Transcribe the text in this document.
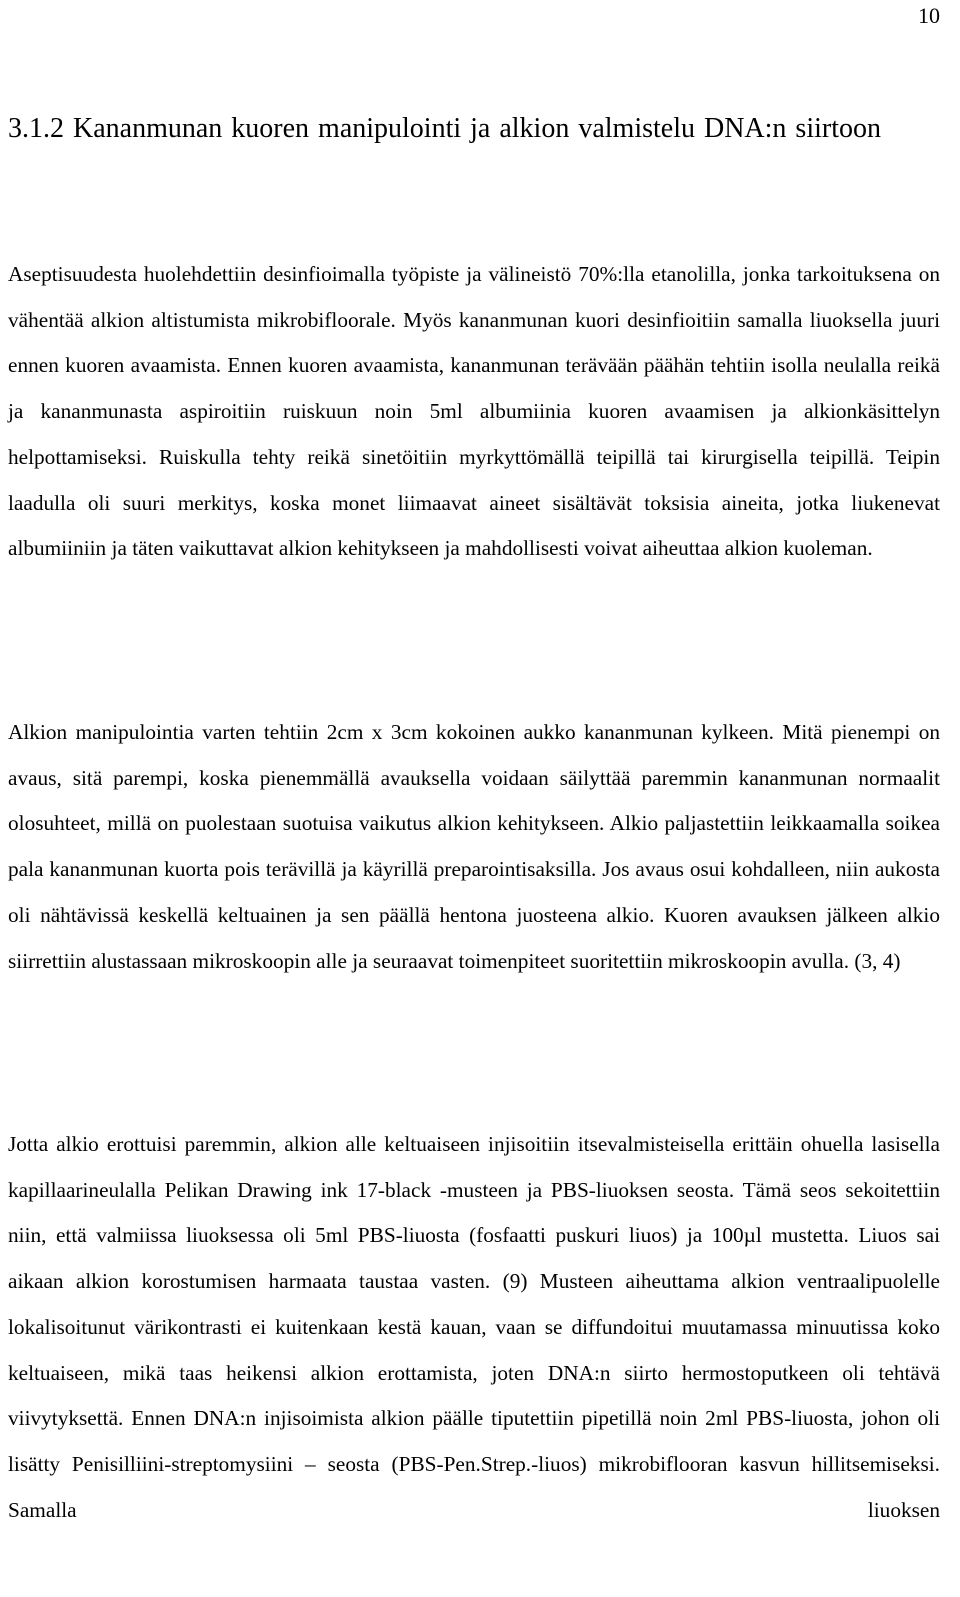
10
3.1.2 Kananmunan kuoren manipulointi ja alkion valmistelu DNA:n siirtoon

Aseptisuudesta huolehdettiin desinfioimalla työpiste ja välineistö 70%:lla etanolilla, jonka tarkoituksena on vähentää alkion altistumista mikrobifloorale. Myös kananmunan kuori desinfioitiin samalla liuoksella juuri ennen kuoren avaamista. Ennen kuoren avaamista, kananmunan terävään päähän tehtiin isolla neulalla reikä ja kananmunasta aspiroitiin ruiskuun noin 5ml albumiinia kuoren avaamisen ja alkionkäsittelyn helpottamiseksi. Ruiskulla tehty reikä sinetöitiin myrkyttömällä teipillä tai kirurgisella teipillä. Teipin laadulla oli suuri merkitys, koska monet liimaavat aineet sisältävät toksisia aineita, jotka liukenevat albumiiniin ja täten vaikuttavat alkion kehitykseen ja mahdollisesti voivat aiheuttaa alkion kuoleman.

Alkion manipulointia varten tehtiin 2cm x 3cm kokoinen aukko kananmunan kylkeen. Mitä pienempi on avaus, sitä parempi, koska pienemmällä avauksella voidaan säilyttää paremmin kananmunan normaalit olosuhteet, millä on puolestaan suotuisa vaikutus alkion kehitykseen. Alkio paljastettiin leikkaamalla soikea pala kananmunan kuorta pois terävillä ja käyrillä preparointisaksilla. Jos avaus osui kohdalleen, niin aukosta oli nähtävissä keskellä keltuainen ja sen päällä hentona juosteena alkio. Kuoren avauksen jälkeen alkio siirrettiin alustassaan mikroskoopin alle ja seuraavat toimenpiteet suoritettiin mikroskoopin avulla. (3, 4)

Jotta alkio erottuisi paremmin, alkion alle keltuaiseen injisoitiin itsevalmisteisella erittäin ohuella lasisella kapillaarineulalla Pelikan Drawing ink 17-black -musteen ja PBS-liuoksen seosta. Tämä seos sekoitettiin niin, että valmiissa liuoksessa oli 5ml PBS-liuosta (fosfaatti puskuri liuos) ja 100µl mustetta. Liuos sai aikaan alkion korostumisen harmaata taustaa vasten. (9) Musteen aiheuttama alkion ventraalipuolelle lokalisoitunut värikontrasti ei kuitenkaan kestä kauan, vaan se diffundoitui muutamassa minuutissa koko keltuaiseen, mikä taas heikensi alkion erottamista, joten DNA:n siirto hermostoputkeen oli tehtävä viivytyksettä. Ennen DNA:n injisoimista alkion päälle tiputettiin pipetillä noin 2ml PBS-liuosta, johon oli lisätty Penisilliini-streptomysiini – seosta (PBS-Pen.Strep.-liuos) mikrobiflooran kasvun hillitsemiseksi. Samalla liuoksen
